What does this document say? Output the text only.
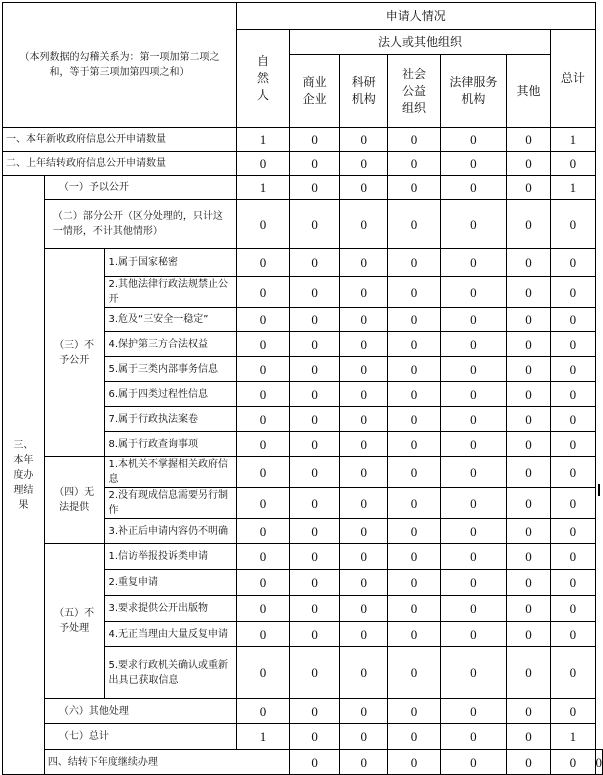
（本列数据的勾稽关系为：第一项加第二项之和，等于第三项加第四项之和）			申请人情况							
			自然人	法人或其他组织					总计	
				商业企业	科研机构	社会公益组织	法律服务机构	其他		
一、本年新收政府信息公开申请数量			1	0	0	0	0	0	1	
二、上年结转政府信息公开申请数量			0	0	0	0	0	0	0	
三、本年度办理结果	（一）予以公开		1	0	0	0	0	0	1	
	（二）部分公开（区分处理的，只计这一情形，不计其他情形）		0	0	0	0	0	0	0	
	（三）不予公开	1.属于国家秘密	0	0	0	0	0	0	0	
		2.其他法律行政法规禁止公开	0	0	0	0	0	0	0	
		3.危及“三安全一稳定”	0	0	0	0	0	0	0	
		4.保护第三方合法权益	0	0	0	0	0	0	0	
		5.属于三类内部事务信息	0	0	0	0	0	0	0	
		6.属于四类过程性信息	0	0	0	0	0	0	0	
		7.属于行政执法案卷	0	0	0	0	0	0	0	
		8.属于行政查询事项	0	0	0	0	0	0	0	
	（四）无法提供	1.本机关不掌握相关政府信息	0	0	0	0	0	0	0	
		2.没有现成信息需要另行制作	0	0	0	0	0	0	0	
		3.补正后申请内容仍不明确	0	0	0	0	0	0	0	
	（五）不予处理	1.信访举报投诉类申请	0	0	0	0	0	0	0	
		2.重复申请	0	0	0	0	0	0	0	
		3.要求提供公开出版物	0	0	0	0	0	0	0	
		4.无正当理由大量反复申请	0	0	0	0	0	0	0	
		5.要求行政机关确认或重新出具已获取信息	0	0	0	0	0	0	0	
	（六）其他处理		0	0	0	0	0	0	0	
	（七）总计		1	0	0	0	0	0	1	
	四、结转下年度继续办理			0	0	0	0	0	0	0
